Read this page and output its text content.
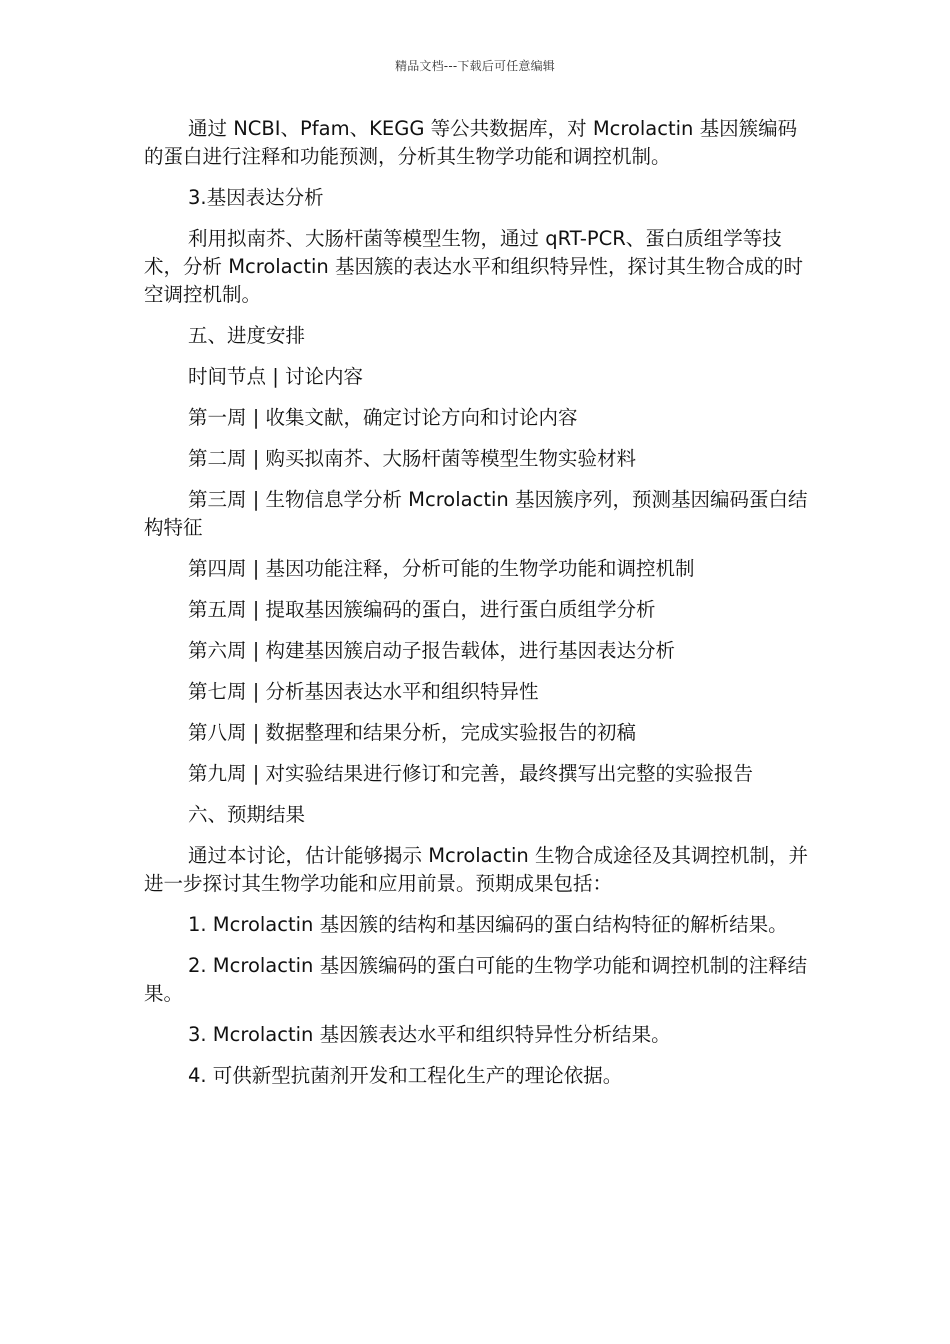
精品文档---下载后可任意编辑

通过 NCBI、Pfam、KEGG 等公共数据库，对 Mcrolactin 基因簇编码的蛋白进行注释和功能预测，分析其生物学功能和调控机制。

3.基因表达分析

利用拟南芥、大肠杆菌等模型生物，通过 qRT-PCR、蛋白质组学等技术，分析 Mcrolactin 基因簇的表达水平和组织特异性，探讨其生物合成的时空调控机制。

五、进度安排

时间节点 | 讨论内容

第一周 | 收集文献，确定讨论方向和讨论内容

第二周 | 购买拟南芥、大肠杆菌等模型生物实验材料

第三周 | 生物信息学分析 Mcrolactin 基因簇序列，预测基因编码蛋白结构特征

第四周 | 基因功能注释，分析可能的生物学功能和调控机制

第五周 | 提取基因簇编码的蛋白，进行蛋白质组学分析

第六周 | 构建基因簇启动子报告载体，进行基因表达分析

第七周 | 分析基因表达水平和组织特异性

第八周 | 数据整理和结果分析，完成实验报告的初稿

第九周 | 对实验结果进行修订和完善，最终撰写出完整的实验报告

六、预期结果

通过本讨论，估计能够揭示 Mcrolactin 生物合成途径及其调控机制，并进一步探讨其生物学功能和应用前景。预期成果包括：

1. Mcrolactin 基因簇的结构和基因编码的蛋白结构特征的解析结果。

2. Mcrolactin 基因簇编码的蛋白可能的生物学功能和调控机制的注释结果。

3. Mcrolactin 基因簇表达水平和组织特异性分析结果。

4. 可供新型抗菌剂开发和工程化生产的理论依据。
